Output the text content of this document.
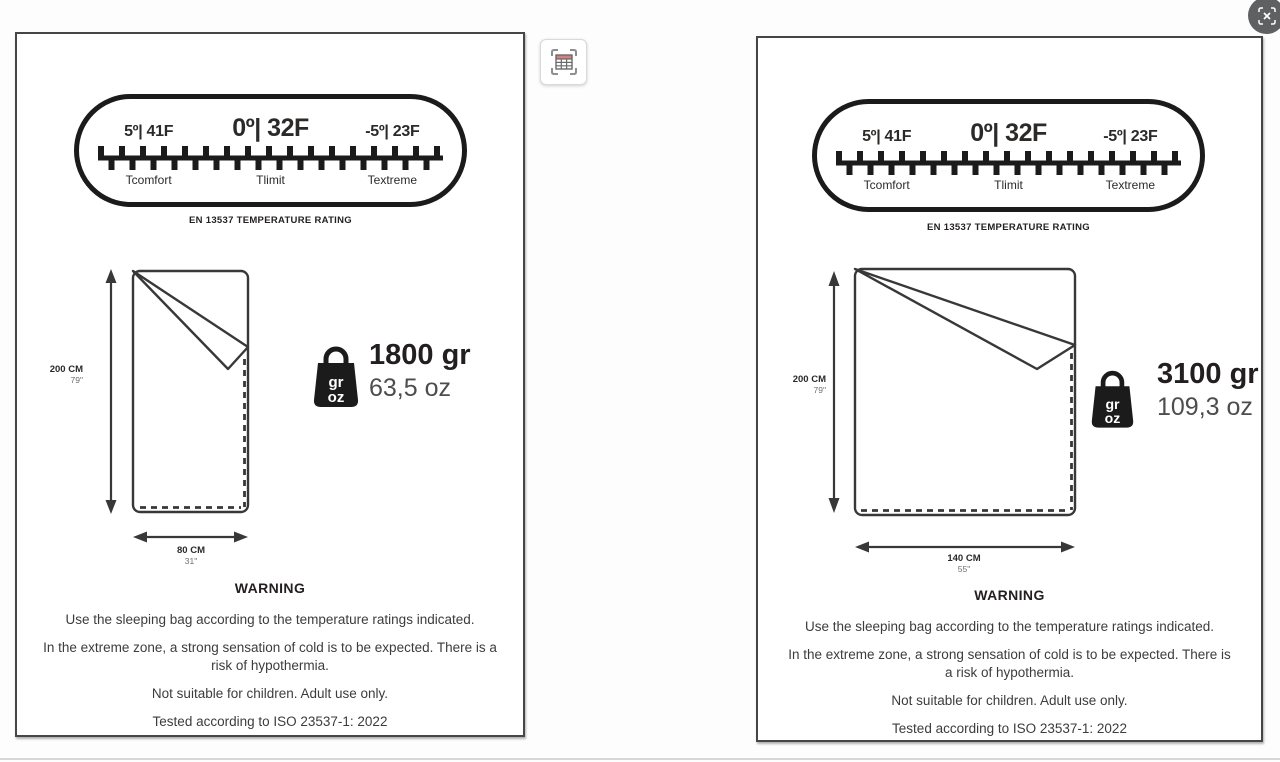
5º| 41F	0º| 32F	-5º| 23F
Tcomfort	Tlimit	Textreme
EN 13537 TEMPERATURE RATING
200 CM
79"
80 CM
31"
gr
oz
1800 gr
63,5 oz
WARNING

Use the sleeping bag according to the temperature ratings indicated.

In the extreme zone, a strong sensation of cold is to be expected. There is a risk of hypothermia.

Not suitable for children. Adult use only.

Tested according to ISO 23537-1: 2022

5º| 41F	0º| 32F	-5º| 23F
Tcomfort	Tlimit	Textreme
EN 13537 TEMPERATURE RATING
200 CM
79"
140 CM
55"
gr
oz
3100 gr
109,3 oz
WARNING

Use the sleeping bag according to the temperature ratings indicated.

In the extreme zone, a strong sensation of cold is to be expected. There is a risk of hypothermia.

Not suitable for children. Adult use only.

Tested according to ISO 23537-1: 2022
